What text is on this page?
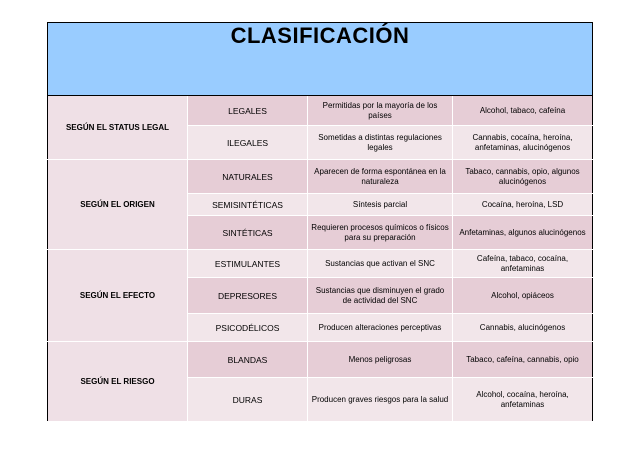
CLASIFICACIÓN			
SEGÚN EL STATUS LEGAL	LEGALES	Permitidas por la mayoría de los países	Alcohol, tabaco, cafeína
	ILEGALES	Sometidas a distintas regulaciones legales	Cannabis, cocaína, heroína, anfetaminas, alucinógenos
SEGÚN EL ORIGEN	NATURALES	Aparecen de forma espontánea en la naturaleza	Tabaco, cannabis, opio, algunos alucinógenos
	SEMISINTÉTICAS	Síntesis parcial	Cocaína, heroína, LSD
	SINTÉTICAS	Requieren procesos químicos o físicos para su preparación	Anfetaminas, algunos alucinógenos
SEGÚN EL EFECTO	ESTIMULANTES	Sustancias que activan el SNC	Cafeína, tabaco, cocaína, anfetaminas
	DEPRESORES	Sustancias que disminuyen el grado de actividad del SNC	Alcohol, opiáceos
	PSICODÉLICOS	Producen alteraciones perceptivas	Cannabis, alucinógenos
SEGÚN EL RIESGO	BLANDAS	Menos peligrosas	Tabaco, cafeína, cannabis, opio
	DURAS	Producen graves riesgos para la salud	Alcohol, cocaína, heroína, anfetaminas
